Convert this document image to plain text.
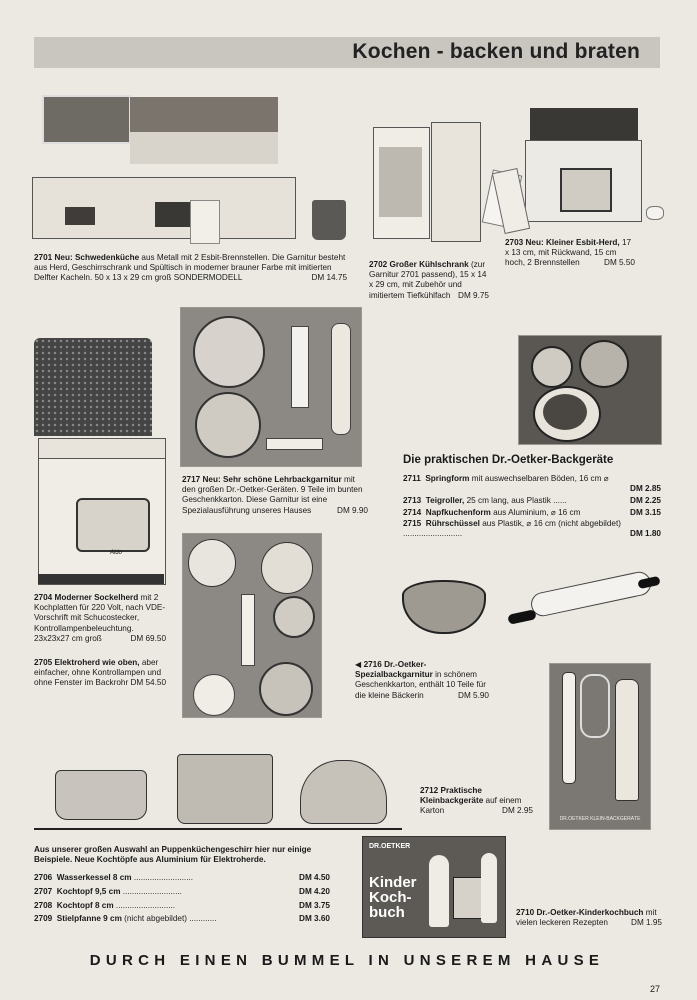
Kochen - backen und braten
2701 Neu: Schwedenküche aus Metall mit 2 Esbit-Brennstellen. Die Garnitur besteht aus Herd, Geschirrschrank und Spültisch in moderner brauner Farbe mit imitierten Delfter Kacheln. 50 x 13 x 29 cm groß SONDERMODELL	DM 14.75
2702 Großer Kühlschrank (zur Garnitur 2701 passend), 15 x 14 x 29 cm, mit Zubehör und imitiertem Tiefkühlfach DM 9.75
2703 Neu: Kleiner Esbit-Herd, 17 x 13 cm, mit Rückwand, 15 cm hoch, 2 Brennstellen	DM 5.50
Aldo
2704 Moderner Sockelherd mit 2 Kochplatten für 220 Volt, nach VDE-Vorschrift mit Schucostecker, Kontrollampenbeleuchtung. 23x23x27 cm groß	DM 69.50
2705 Elektroherd wie oben, aber einfacher, ohne Kontrollampen und ohne Fenster im Backrohr DM 54.50
2717 Neu: Sehr schöne Lehrbackgarnitur mit den großen Dr.-Oetker-Geräten. 9 Teile im bunten Geschenkkarton. Diese Garnitur ist eine Spezialausführung unseres Hauses	DM 9.90
Die praktischen Dr.-Oetker-Backgeräte
2711 Springform mit auswechselbaren Böden, 16 cm ⌀
DM 2.85
2713 Teigroller, 25 cm lang, aus Plastik ......	DM 2.25
2714 Napfkuchenform aus Aluminium, ⌀ 16 cm	DM 3.15
2715 Rührschüssel aus Plastik, ⌀ 16 cm (nicht abgebildet) ..........................	DM 1.80
◀ 2716 Dr.-Oetker-Spezialbackgarnitur in schönem Geschenkkarton, enthält 10 Teile für die kleine Bäckerin	DM 5.90
DR.OETKER KLEIN-BACKGERÄTE
2712 Praktische Kleinbackgeräte auf einem Karton	DM 2.95
Aus unserer großen Auswahl an Puppenküchengeschirr hier nur einige Beispiele. Neue Kochtöpfe aus Aluminium für Elektroherde.
2706 Wasserkessel 8 cm ..........................	DM 4.50
2707 Kochtopf 9,5 cm ..........................	DM 4.20
2708 Kochtopf 8 cm ..........................	DM 3.75
2709 Stielpfanne 9 cm (nicht abgebildet) ............	DM 3.60
DR.OETKER
Kinder
Koch-
buch	2710 Dr.-Oetker-Kinderkochbuch mit vielen leckeren Rezepten	DM 1.95
DURCH EINEN BUMMEL IN UNSEREM HAUSE
27
